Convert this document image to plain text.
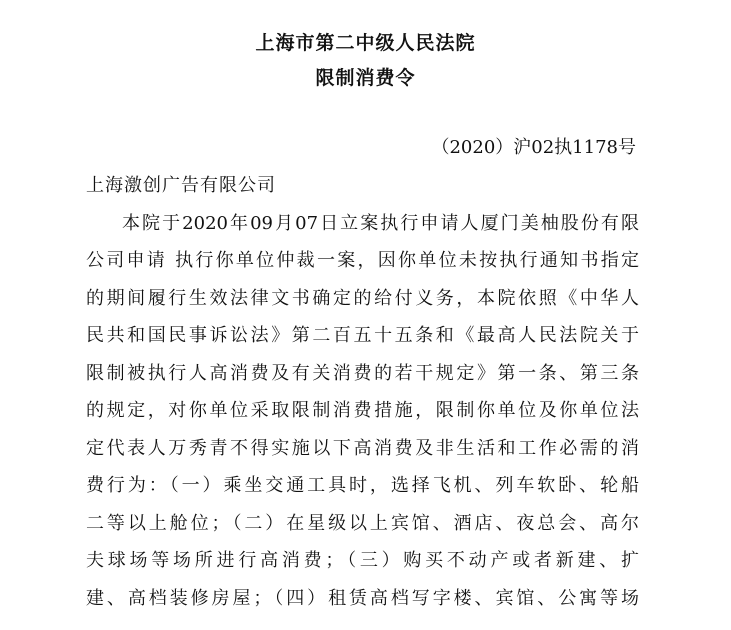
上海市第二中级人民法院
限制消费令
（2020）沪02执1178号
上海激创广告有限公司
本院于2020年09月07日立案执行申请人厦门美柚股份有限
公司申请 执行你单位仲裁一案，因你单位未按执行通知书指定
的期间履行生效法律文书确定的给付义务，本院依照《中华人
民共和国民事诉讼法》第二百五十五条和《最高人民法院关于
限制被执行人高消费及有关消费的若干规定》第一条、第三条
的规定，对你单位采取限制消费措施，限制你单位及你单位法
定代表人万秀青不得实施以下高消费及非生活和工作必需的消
费行为：（一）乘坐交通工具时，选择飞机、列车软卧、轮船
二等以上舱位；（二）在星级以上宾馆、酒店、夜总会、高尔
夫球场等场所进行高消费；（三）购买不动产或者新建、扩
建、高档装修房屋；（四）租赁高档写字楼、宾馆、公寓等场
